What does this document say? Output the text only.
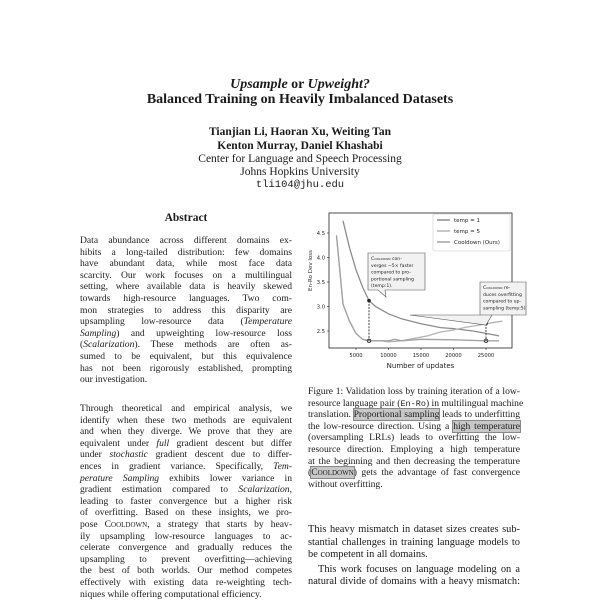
Upsample or Upweight?
Balanced Training on Heavily Imbalanced Datasets
Tianjian Li, Haoran Xu, Weiting Tan
Kenton Murray, Daniel Khashabi
Center for Language and Speech Processing
Johns Hopkins University
tli104@jhu.edu
Abstract
Data abundance across different domains ex-
hibits a long-tailed distribution: few domains
have abundant data, while most face data
scarcity. Our work focuses on a multilingual
setting, where available data is heavily skewed
towards high-resource languages. Two com-
mon strategies to address this disparity are
upsampling low-resource data (Temperature
Sampling) and upweighting low-resource loss
(Scalarization). These methods are often as-
sumed to be equivalent, but this equivalence
has not been rigorously established, prompting
our investigation.
Through theoretical and empirical analysis, we
identify when these two methods are equivalent
and when they diverge. We prove that they are
equivalent under full gradient descent but differ
under stochastic gradient descent due to differ-
ences in gradient variance. Specifically, Tem-
perature Sampling exhibits lower variance in
gradient estimation compared to Scalarization,
leading to faster convergence but a higher risk
of overfitting. Based on these insights, we pro-
pose Cooldown, a strategy that starts by heav-
ily upsampling low-resource languages to ac-
celerate convergence and gradually reduces the
upsampling to prevent overfitting—achieving
the best of both worlds. Our method competes
effectively with existing data re-weighting tech-
niques while offering computational efficiency.
5000	10000	15000	20000	25000
2.5
3.0
3.5
4.0
4.5
Number of updates
En-Ro Dev loss
temp = 1
temp = 5
Cooldown (Ours)
Cooldown con-
verges ∼5× faster
compared to pro-
portional sampling
(temp:1).	Cooldown re-
duces overfitting
compared to up-
sampling (temp:5)
Figure 1: Validation loss by training iteration of a low-
resource language pair (En-Ro) in multilingual machine
translation. Proportional sampling leads to underfitting
the low-resource direction. Using a high temperature
(oversampling LRLs) leads to overfitting the low-
resource direction. Employing a high temperature
at the beginning and then decreasing the temperature
(Cooldown) gets the advantage of fast convergence
without overfitting.
This heavy mismatch in dataset sizes creates sub-
stantial challenges in training language models to
be competent in all domains.
This work focuses on language modeling on a
natural divide of domains with a heavy mismatch:
